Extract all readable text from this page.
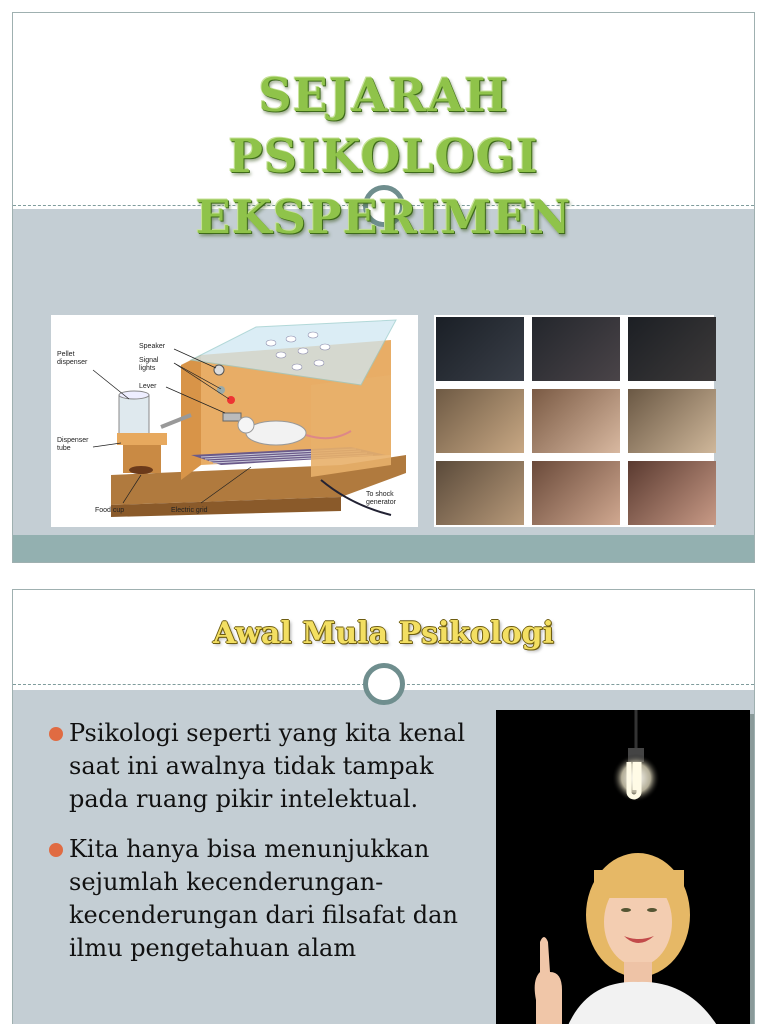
SEJARAH
PSIKOLOGI
EKSPERIMEN
Pellet dispenser
Speaker
Signal lights
Lever
Dispenser tube
Food cup	Electric grid
To shock generator
Awal Mula Psikologi
Psikologi seperti yang kita kenal saat ini awalnya tidak tampak pada ruang pikir intelektual.
Kita hanya bisa menunjukkan sejumlah kecenderungan-kecenderungan dari filsafat dan ilmu pengetahuan alam
